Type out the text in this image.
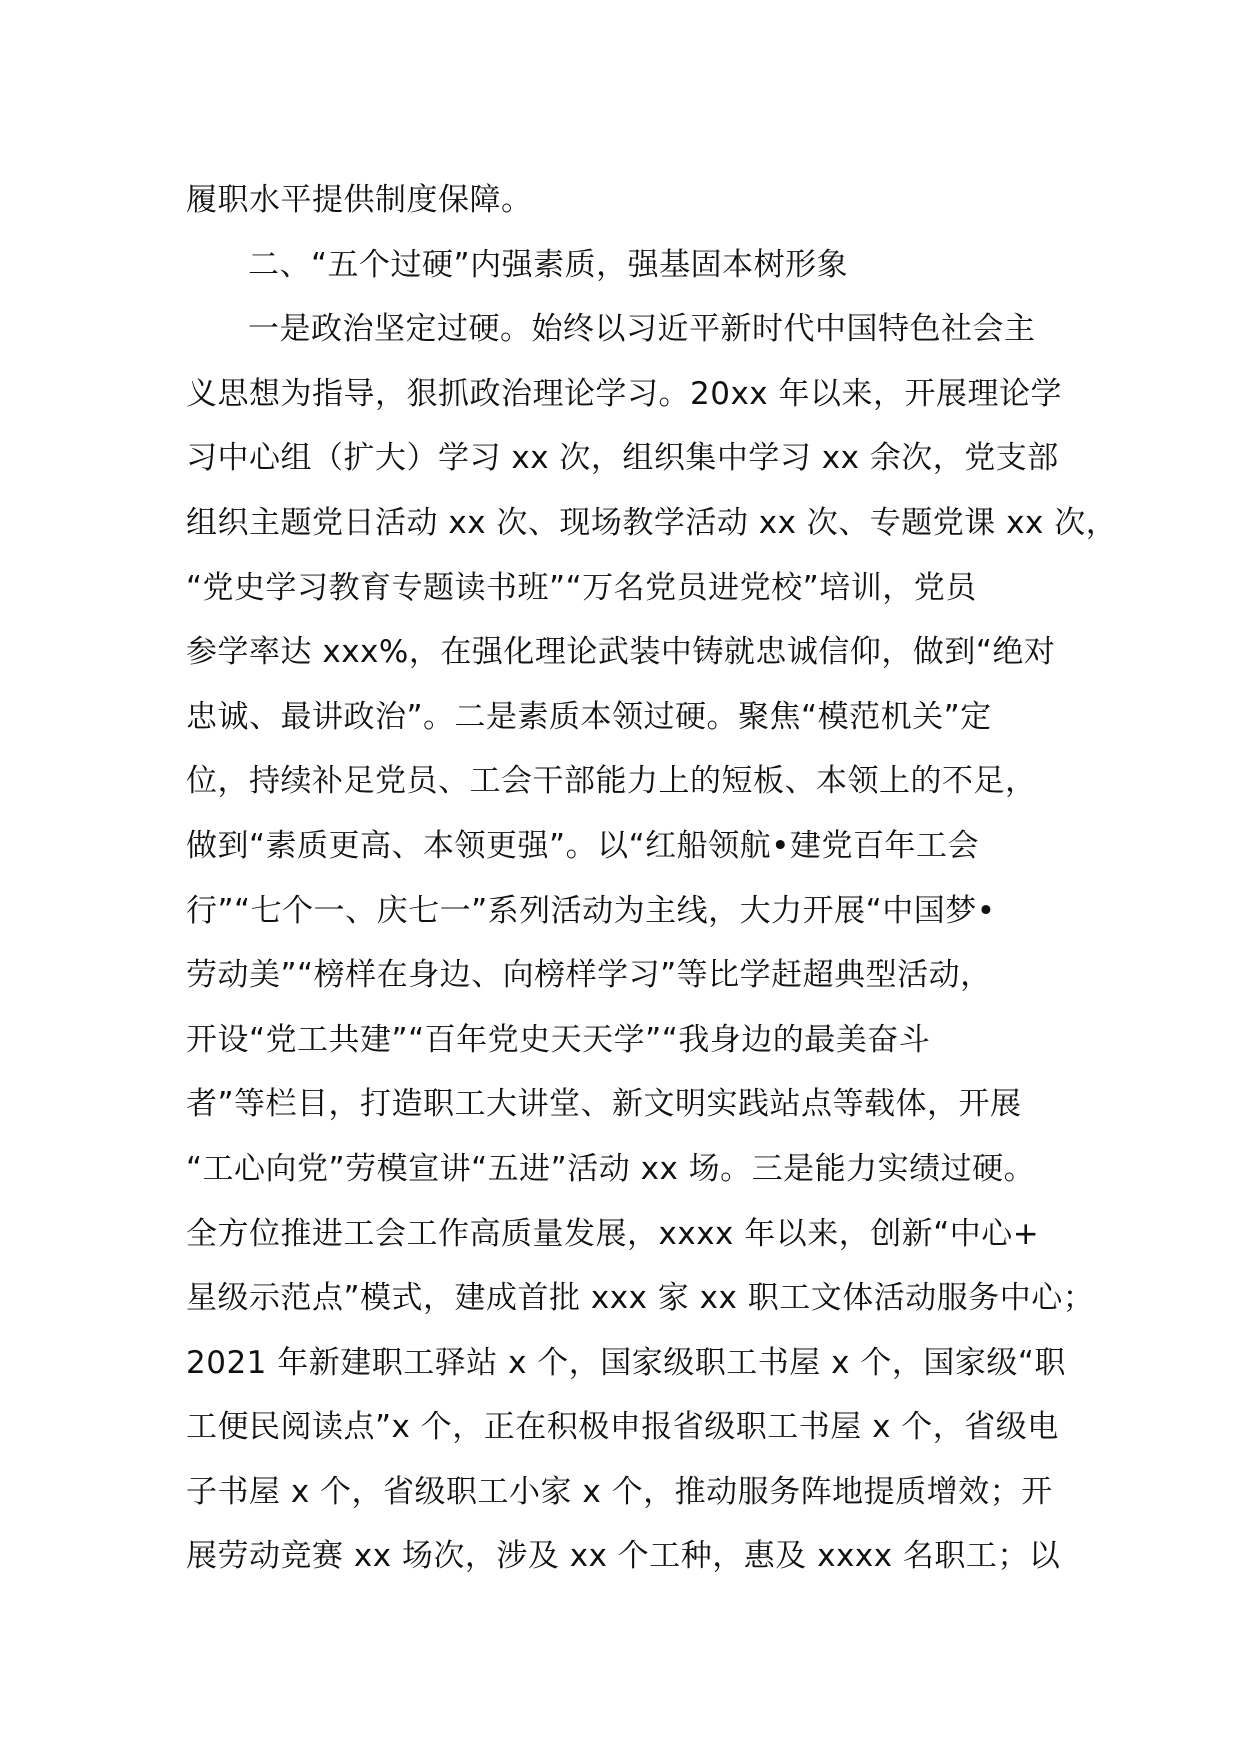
履职水平提供制度保障。
二、“五个过硬”内强素质，强基固本树形象
一是政治坚定过硬。始终以习近平新时代中国特色社会主
义思想为指导，狠抓政治理论学习。20xx 年以来，开展理论学
习中心组（扩大）学习 xx 次，组织集中学习 xx 余次，党支部
组织主题党日活动 xx 次、现场教学活动 xx 次、专题党课 xx 次，
“党史学习教育专题读书班”“万名党员进党校”培训，党员
参学率达 xxx%，在强化理论武装中铸就忠诚信仰，做到“绝对
忠诚、最讲政治”。二是素质本领过硬。聚焦“模范机关”定
位，持续补足党员、工会干部能力上的短板、本领上的不足，
做到“素质更高、本领更强”。以“红船领航•建党百年工会
行”“七个一、庆七一”系列活动为主线，大力开展“中国梦•
劳动美”“榜样在身边、向榜样学习”等比学赶超典型活动，
开设“党工共建”“百年党史天天学”“我身边的最美奋斗
者”等栏目，打造职工大讲堂、新文明实践站点等载体，开展
“工心向党”劳模宣讲“五进”活动 xx 场。三是能力实绩过硬。
全方位推进工会工作高质量发展，xxxx 年以来，创新“中心+
星级示范点”模式，建成首批 xxx 家 xx 职工文体活动服务中心；
2021 年新建职工驿站 x 个，国家级职工书屋 x 个，国家级“职
工便民阅读点”x 个，正在积极申报省级职工书屋 x 个，省级电
子书屋 x 个，省级职工小家 x 个，推动服务阵地提质增效；开
展劳动竞赛 xx 场次，涉及 xx 个工种，惠及 xxxx 名职工；以
